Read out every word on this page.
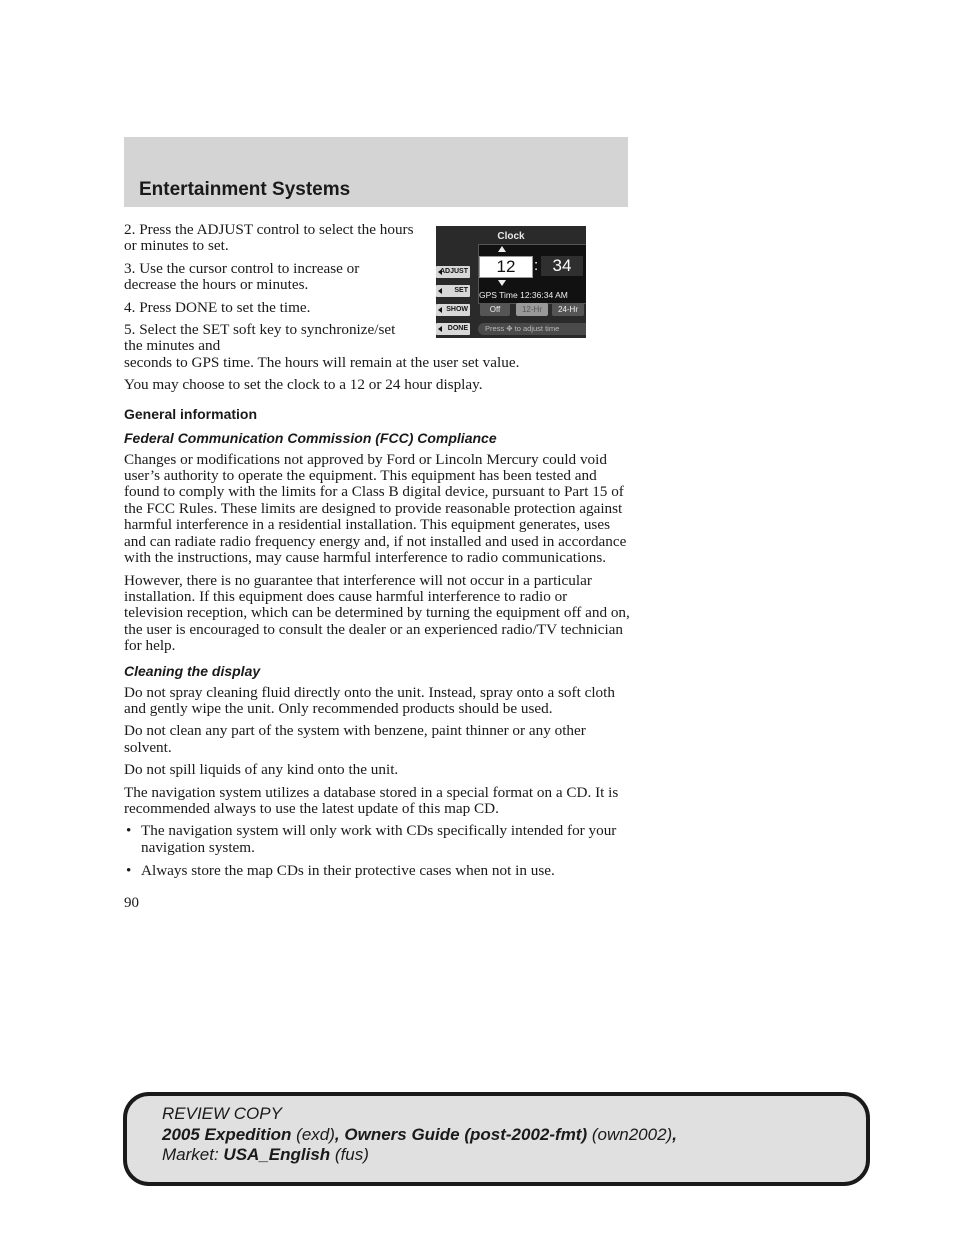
Entertainment Systems

2. Press the ADJUST control to select the hours or minutes to set.

3. Use the cursor control to increase or decrease the hours or minutes.

4. Press DONE to set the time.

5. Select the SET soft key to synchronize/set the minutes and

Clock
12	: 34
GPS Time 12:36:34 AM
ADJUST
SET
SHOW
DONE
Off	12-Hr	24-Hr
Press ✥ to adjust time

seconds to GPS time. The hours will remain at the user set value.

You may choose to set the clock to a 12 or 24 hour display.

General information
Federal Communication Commission (FCC) Compliance

Changes or modifications not approved by Ford or Lincoln Mercury could void user’s authority to operate the equipment. This equipment has been tested and found to comply with the limits for a Class B digital device, pursuant to Part 15 of the FCC Rules. These limits are designed to provide reasonable protection against harmful interference in a residential installation. This equipment generates, uses and can radiate radio frequency energy and, if not installed and used in accordance with the instructions, may cause harmful interference to radio communications.

However, there is no guarantee that interference will not occur in a particular installation. If this equipment does cause harmful interference to radio or television reception, which can be determined by turning the equipment off and on, the user is encouraged to consult the dealer or an experienced radio/TV technician for help.

Cleaning the display

Do not spray cleaning fluid directly onto the unit. Instead, spray onto a soft cloth and gently wipe the unit. Only recommended products should be used.

Do not clean any part of the system with benzene, paint thinner or any other solvent.

Do not spill liquids of any kind onto the unit.

The navigation system utilizes a database stored in a special format on a CD. It is recommended always to use the latest update of this map CD.

• The navigation system will only work with CDs specifically intended for your navigation system.
• Always store the map CDs in their protective cases when not in use.
90
REVIEW COPY
2005 Expedition (exd), Owners Guide (post-2002-fmt) (own2002),
Market: USA_English (fus)
